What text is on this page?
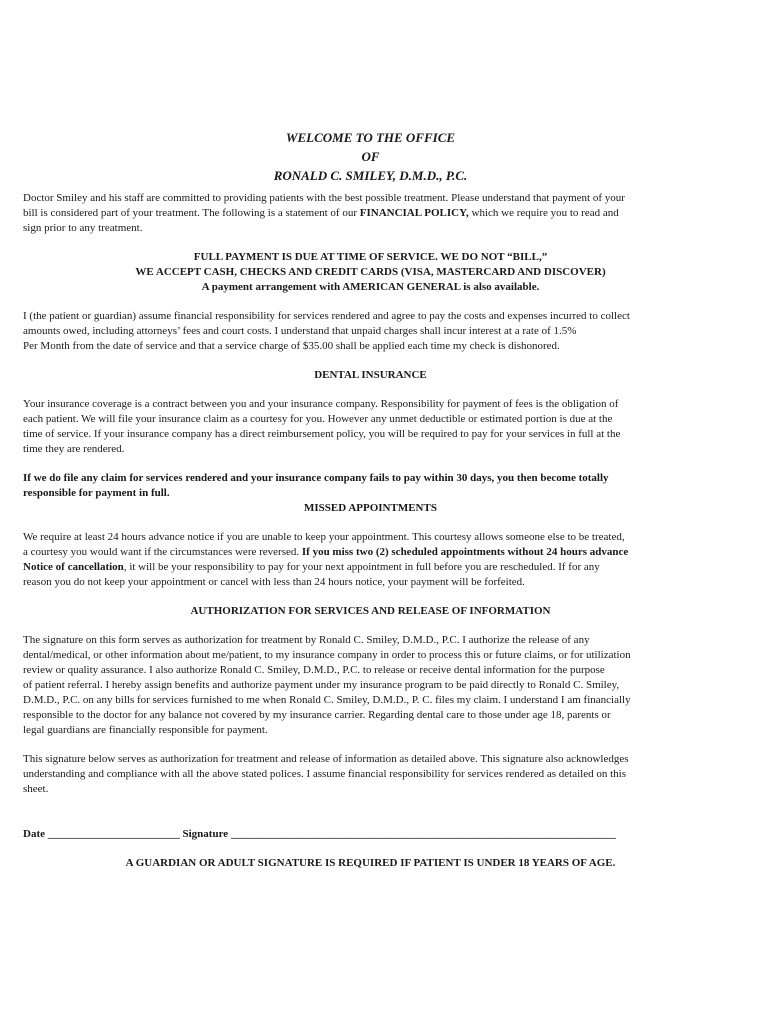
WELCOME TO THE OFFICE
OF
RONALD C. SMILEY, D.M.D., P.C.

Doctor Smiley and his staff are committed to providing patients with the best possible treatment. Please understand that payment of your
bill is considered part of your treatment. The following is a statement of our FINANCIAL POLICY, which we require you to read and
sign prior to any treatment.

FULL PAYMENT IS DUE AT TIME OF SERVICE. WE DO NOT “BILL,”
WE ACCEPT CASH, CHECKS AND CREDIT CARDS (VISA, MASTERCARD AND DISCOVER)
A payment arrangement with AMERICAN GENERAL is also available.

I (the patient or guardian) assume financial responsibility for services rendered and agree to pay the costs and expenses incurred to collect
amounts owed, including attorneys’ fees and court costs. I understand that unpaid charges shall incur interest at a rate of 1.5%
Per Month from the date of service and that a service charge of $35.00 shall be applied each time my check is dishonored.

DENTAL INSURANCE

Your insurance coverage is a contract between you and your insurance company. Responsibility for payment of fees is the obligation of
each patient. We will file your insurance claim as a courtesy for you. However any unmet deductible or estimated portion is due at the
time of service. If your insurance company has a direct reimbursement policy, you will be required to pay for your services in full at the
time they are rendered.

If we do file any claim for services rendered and your insurance company fails to pay within 30 days, you then become totally
responsible for payment in full.

MISSED APPOINTMENTS

We require at least 24 hours advance notice if you are unable to keep your appointment. This courtesy allows someone else to be treated,
a courtesy you would want if the circumstances were reversed. If you miss two (2) scheduled appointments without 24 hours advance
Notice of cancellation, it will be your responsibility to pay for your next appointment in full before you are rescheduled. If for any
reason you do not keep your appointment or cancel with less than 24 hours notice, your payment will be forfeited.

AUTHORIZATION FOR SERVICES AND RELEASE OF INFORMATION

The signature on this form serves as authorization for treatment by Ronald C. Smiley, D.M.D., P.C. I authorize the release of any
dental/medical, or other information about me/patient, to my insurance company in order to process this or future claims, or for utilization
review or quality assurance. I also authorize Ronald C. Smiley, D.M.D., P.C. to release or receive dental information for the purpose
of patient referral. I hereby assign benefits and authorize payment under my insurance program to be paid directly to Ronald C. Smiley,
D.M.D., P.C. on any bills for services furnished to me when Ronald C. Smiley, D.M.D., P. C. files my claim. I understand I am financially
responsible to the doctor for any balance not covered by my insurance carrier. Regarding dental care to those under age 18, parents or
legal guardians are financially responsible for payment.

This signature below serves as authorization for treatment and release of information as detailed above. This signature also acknowledges
understanding and compliance with all the above stated polices. I assume financial responsibility for services rendered as detailed on this
sheet.

Date ________________________ Signature ______________________________________________________________________

A GUARDIAN OR ADULT SIGNATURE IS REQUIRED IF PATIENT IS UNDER 18 YEARS OF AGE.
